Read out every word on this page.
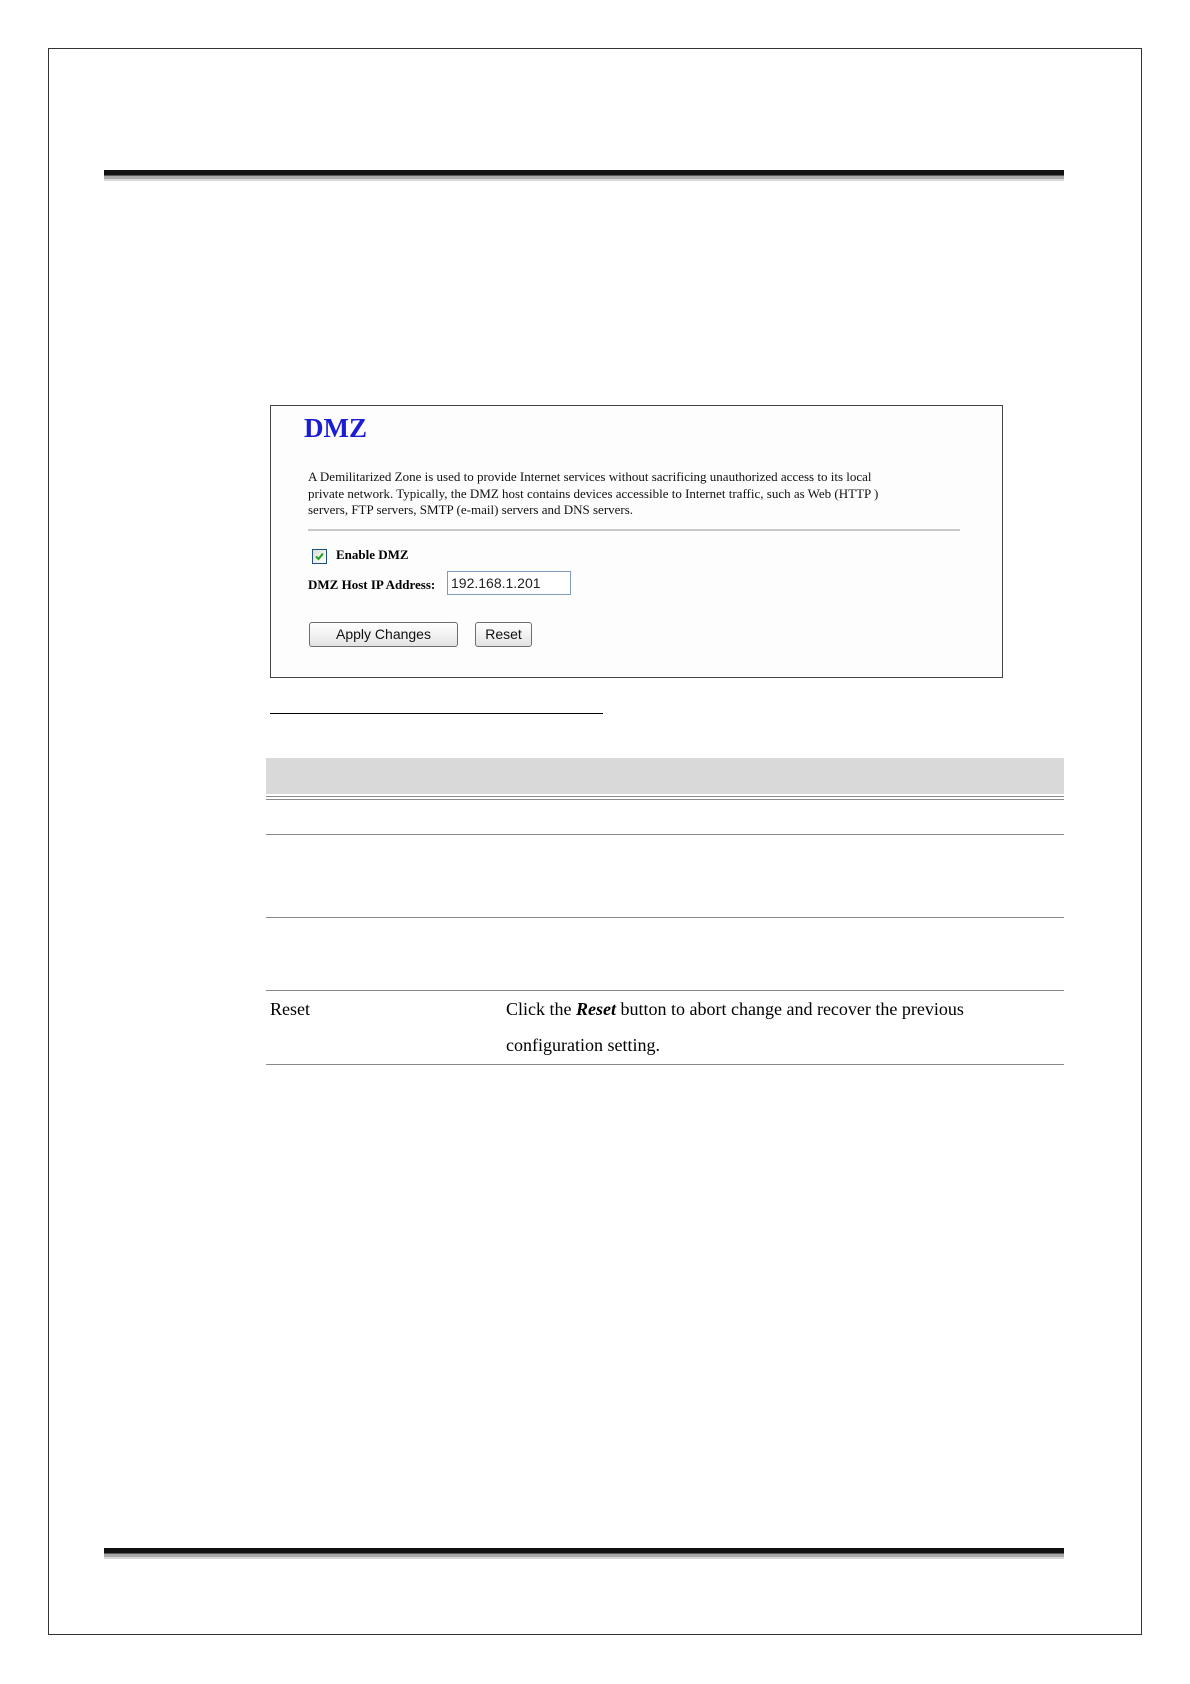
DMZ
A Demilitarized Zone is used to provide Internet services without sacrificing unauthorized access to its local
private network. Typically, the DMZ host contains devices accessible to Internet traffic, such as Web (HTTP )
servers, FTP servers, SMTP (e-mail) servers and DNS servers.
Enable DMZ
DMZ Host IP Address:
192.168.1.201
Apply Changes	Reset
Reset	Click the Reset button to abort change and recover the previous
configuration setting.
